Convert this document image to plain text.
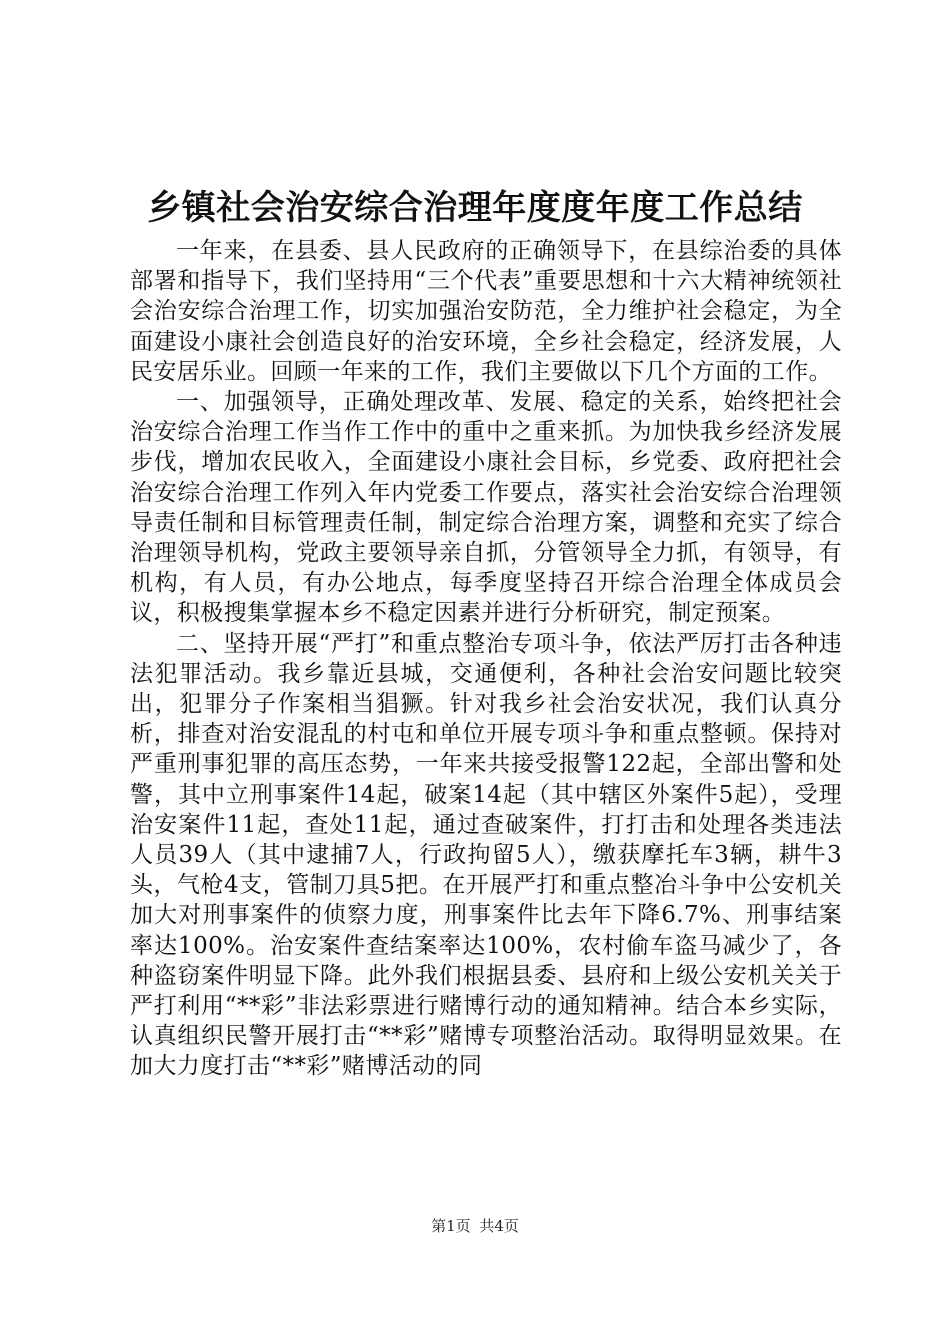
乡镇社会治安综合治理年度度年度工作总结

一年来，在县委、县人民政府的正确领导下，在县综治委的具体部署和指导下，我们坚持用“三个代表”重要思想和十六大精神统领社会治安综合治理工作，切实加强治安防范，全力维护社会稳定，为全面建设小康社会创造良好的治安环境，全乡社会稳定，经济发展，人民安居乐业。回顾一年来的工作，我们主要做以下几个方面的工作。

一、加强领导，正确处理改革、发展、稳定的关系，始终把社会治安综合治理工作当作工作中的重中之重来抓。为加快我乡经济发展步伐，增加农民收入，全面建设小康社会目标，乡党委、政府把社会治安综合治理工作列入年内党委工作要点，落实社会治安综合治理领导责任制和目标管理责任制，制定综合治理方案，调整和充实了综合治理领导机构，党政主要领导亲自抓，分管领导全力抓，有领导，有机构，有人员，有办公地点，每季度坚持召开综合治理全体成员会议，积极搜集掌握本乡不稳定因素并进行分析研究，制定预案。

二、坚持开展“严打”和重点整治专项斗争，依法严厉打击各种违法犯罪活动。我乡靠近县城，交通便利，各种社会治安问题比较突出，犯罪分子作案相当猖獗。针对我乡社会治安状况，我们认真分析，排查对治安混乱的村屯和单位开展专项斗争和重点整顿。保持对严重刑事犯罪的高压态势，一年来共接受报警122起，全部出警和处警，其中立刑事案件14起，破案14起（其中辖区外案件5起），受理治安案件11起，查处11起，通过查破案件，打打击和处理各类违法人员39人（其中逮捕7人，行政拘留5人），缴获摩托车3辆，耕牛3头，气枪4支，管制刀具5把。在开展严打和重点整冶斗争中公安机关加大对刑事案件的侦察力度，刑事案件比去年下降6.7%、刑事结案率达100%。治安案件查结案率达100%，农村偷车盗马减少了，各种盗窃案件明显下降。此外我们根据县委、县府和上级公安机关关于严打利用“**彩”非法彩票进行赌博行动的通知精神。结合本乡实际，认真组织民警开展打击“**彩”赌博专项整治活动。取得明显效果。在加大力度打击“**彩”赌博活动的同

第1页 共4页
